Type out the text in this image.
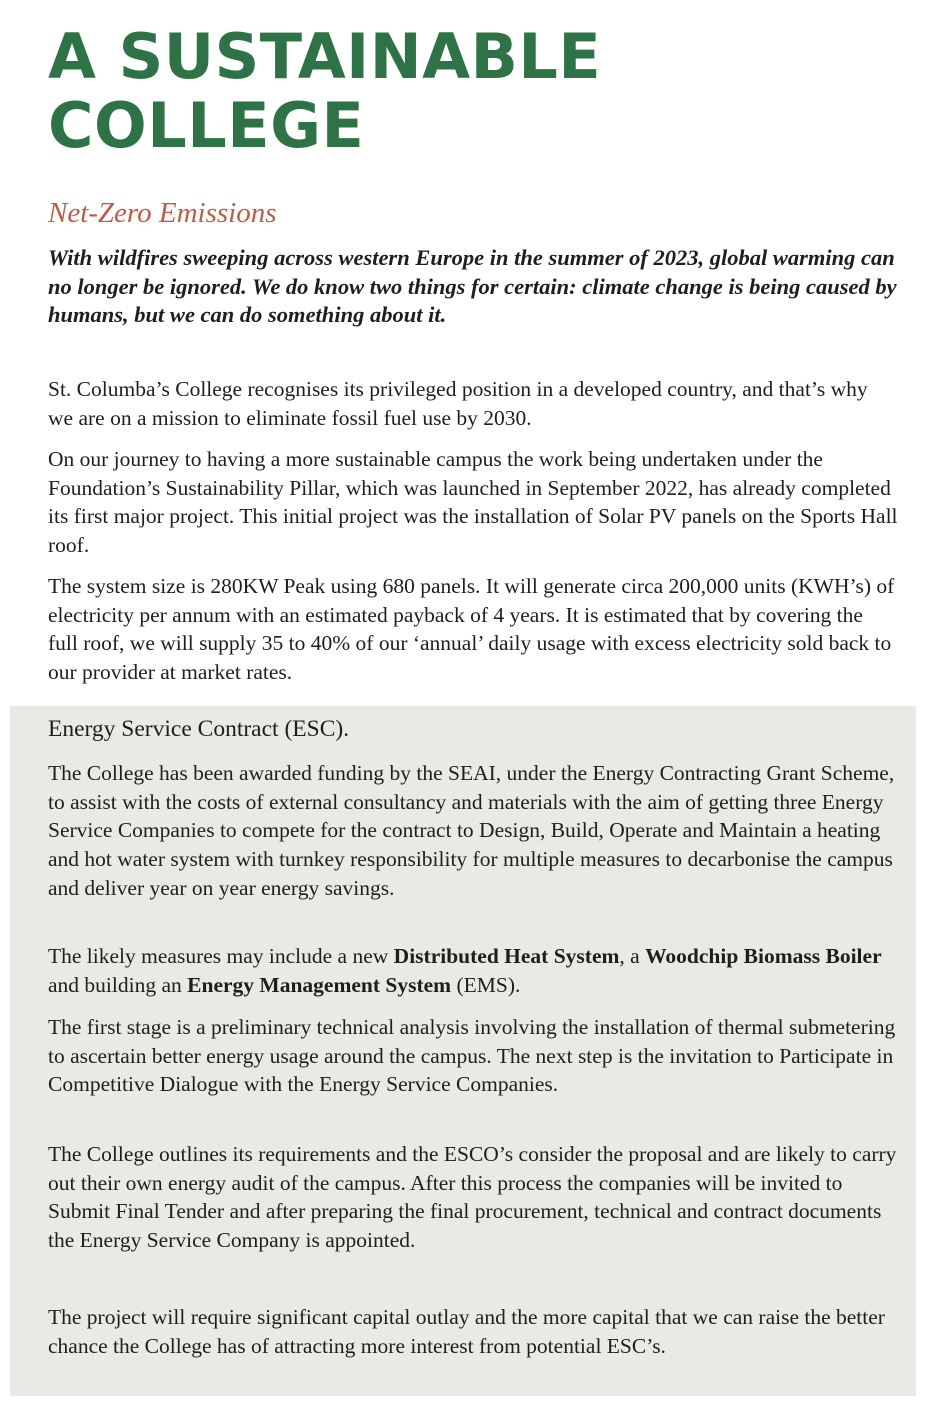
A SUSTAINABLE
COLLEGE
Net-Zero Emissions

With wildfires sweeping across western Europe in the summer of 2023, global warming can no longer be ignored. We do know two things for certain: climate change is being caused by humans, but we can do something about it.

St. Columba’s College recognises its privileged position in a developed country, and that’s why we are on a mission to eliminate fossil fuel use by 2030.

On our journey to having a more sustainable campus the work being undertaken under the Foundation’s Sustainability Pillar, which was launched in September 2022, has already completed its first major project. This initial project was the installation of Solar PV panels on the Sports Hall roof.

The system size is 280KW Peak using 680 panels. It will generate circa 200,000 units (KWH’s) of electricity per annum with an estimated payback of 4 years. It is estimated that by covering the full roof, we will supply 35 to 40% of our ‘annual’ daily usage with excess electricity sold back to our provider at market rates.

Energy Service Contract (ESC).

The College has been awarded funding by the SEAI, under the Energy Contracting Grant Scheme, to assist with the costs of external consultancy and materials with the aim of getting three Energy Service Companies to compete for the contract to Design, Build, Operate and Maintain a heating and hot water system with turnkey responsibility for multiple measures to decarbonise the campus and deliver year on year energy savings.

The likely measures may include a new Distributed Heat System, a Woodchip Biomass Boiler and building an Energy Management System (EMS).

The first stage is a preliminary technical analysis involving the installation of thermal submetering to ascertain better energy usage around the campus. The next step is the invitation to Participate in Competitive Dialogue with the Energy Service Companies.

The College outlines its requirements and the ESCO’s consider the proposal and are likely to carry out their own energy audit of the campus. After this process the companies will be invited to Submit Final Tender and after preparing the final procurement, technical and contract documents the Energy Service Company is appointed.

The project will require significant capital outlay and the more capital that we can raise the better chance the College has of attracting more interest from potential ESC’s.
